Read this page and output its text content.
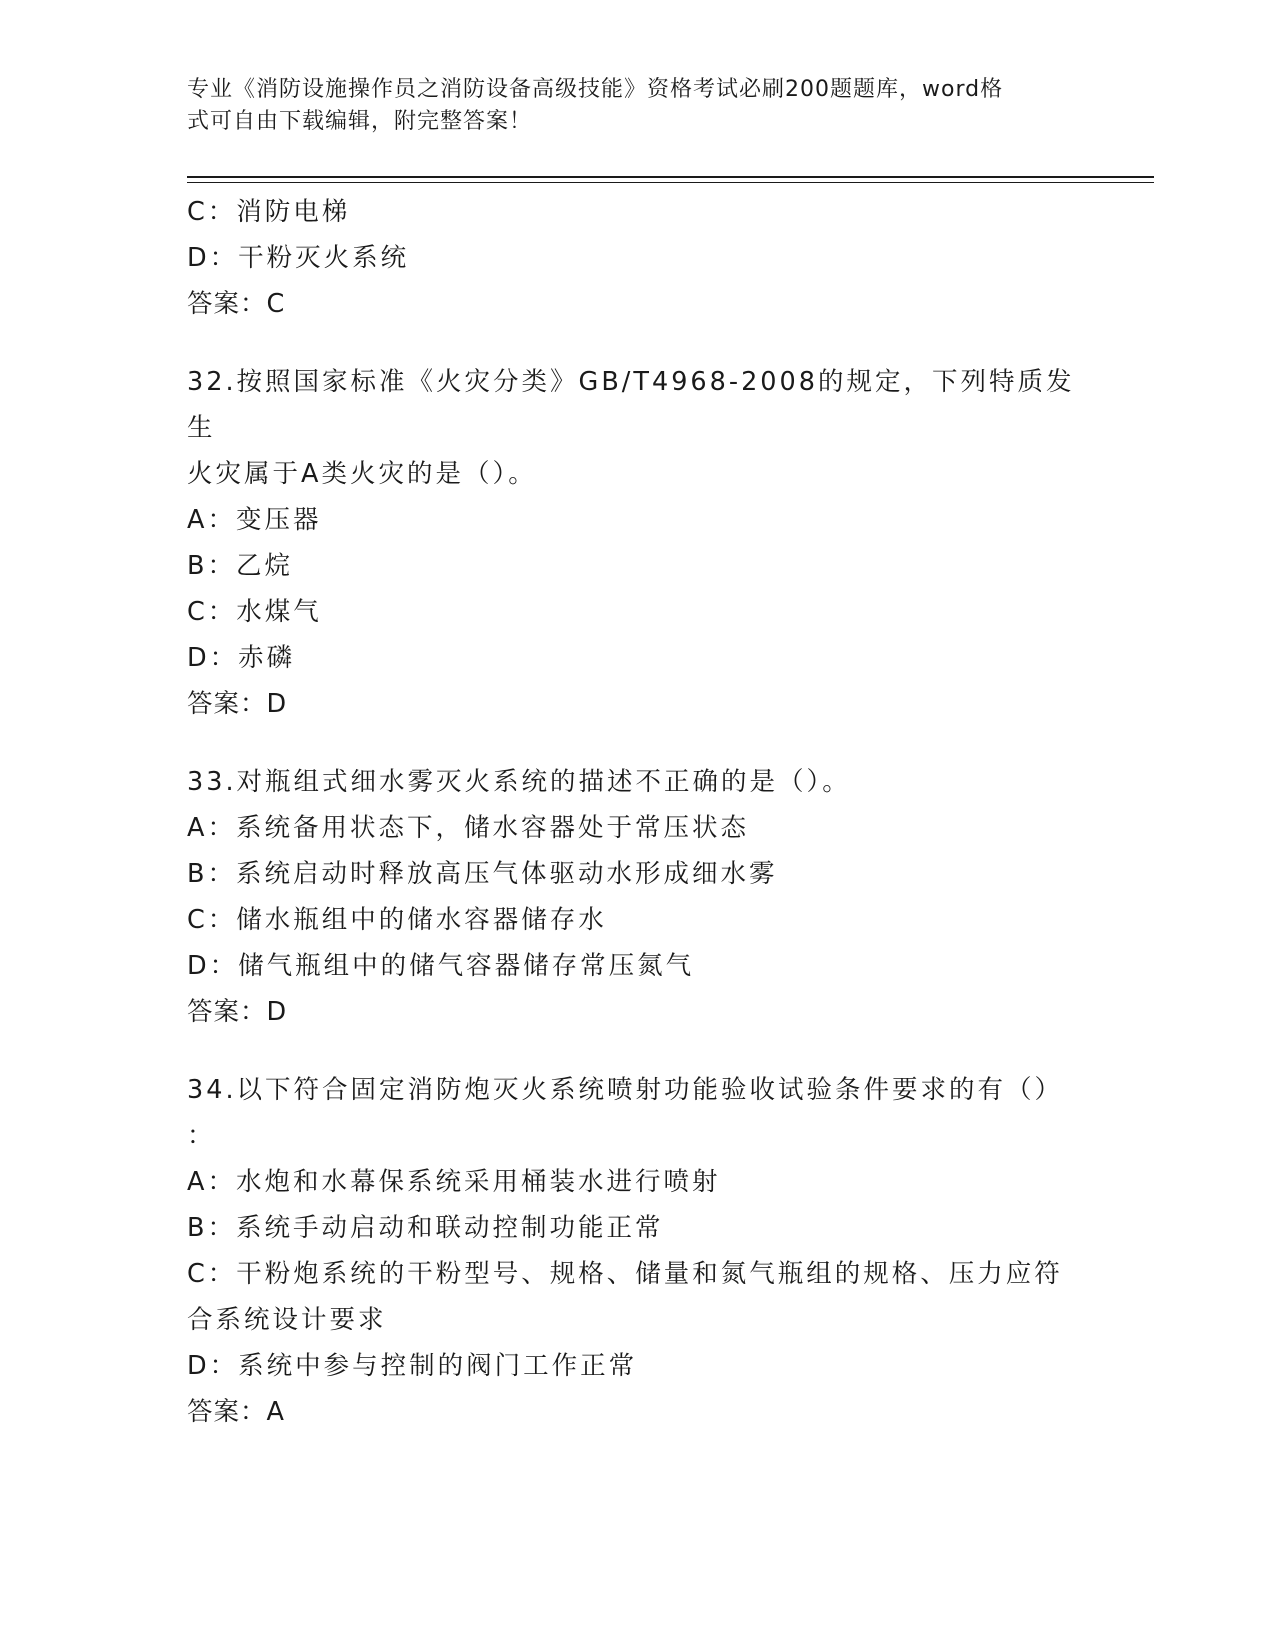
专业《消防设施操作员之消防设备高级技能》资格考试必刷200题题库，word格
式可自由下载编辑，附完整答案！

C：消防电梯

D：干粉灭火系统

答案：C

32.按照国家标准《火灾分类》GB/T4968-2008的规定，下列特质发生
火灾属于A类火灾的是（）。

A：变压器

B：乙烷

C：水煤气

D：赤磷

答案：D

33.对瓶组式细水雾灭火系统的描述不正确的是（）。

A：系统备用状态下，储水容器处于常压状态

B：系统启动时释放高压气体驱动水形成细水雾

C：储水瓶组中的储水容器储存水

D：储气瓶组中的储气容器储存常压氮气

答案：D

34.以下符合固定消防炮灭火系统喷射功能验收试验条件要求的有（）
：

A：水炮和水幕保系统采用桶装水进行喷射

B：系统手动启动和联动控制功能正常

C：干粉炮系统的干粉型号、规格、储量和氮气瓶组的规格、压力应符
合系统设计要求

D：系统中参与控制的阀门工作正常

答案：A
